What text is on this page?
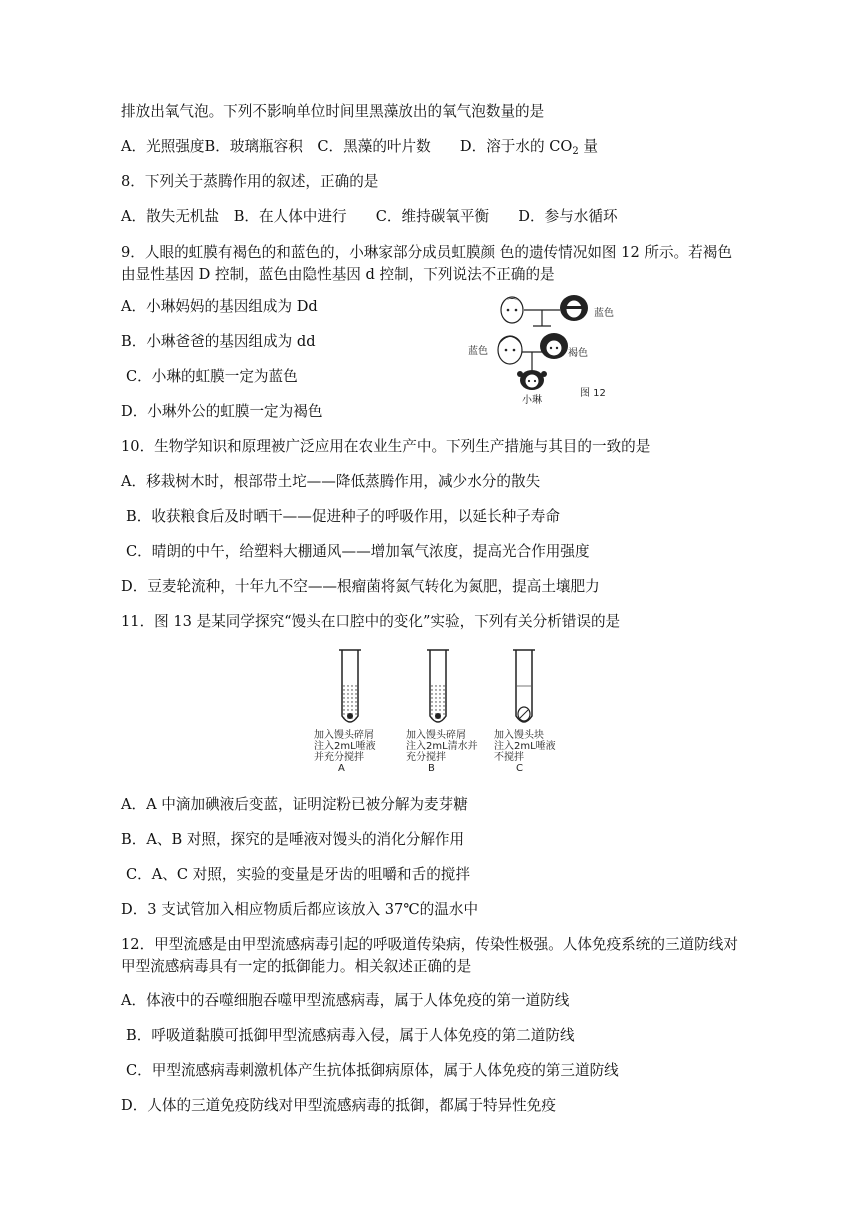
排放出氧气泡。下列不影响单位时间里黑藻放出的氧气泡数量的是
A．光照强度B．玻璃瓶容积　C．黑藻的叶片数　　D．溶于水的 $CO_2$ 量
8．下列关于蒸腾作用的叙述，正确的是
A．散失无机盐　B．在人体中进行　　C．维持碳氧平衡　　D．参与水循环
9．人眼的虹膜有褐色的和蓝色的，小琳家部分成员虹膜颜 色的遗传情况如图 12 所示。若褐色由显性基因 D 控制，蓝色由隐性基因 d 控制，下列说法不正确的是
A．小琳妈妈的基因组成为 Dd
B．小琳爸爸的基因组成为 dd
C．小琳的虹膜一定为蓝色
D．小琳外公的虹膜一定为褐色
蓝色
蓝色	褐色
小琳
图 12
10．生物学知识和原理被广泛应用在农业生产中。下列生产措施与其目的一致的是
A．移栽树木时，根部带土坨——降低蒸腾作用，减少水分的散失
B．收获粮食后及时晒干——促进种子的呼吸作用，以延长种子寿命
C．晴朗的中午，给塑料大棚通风——增加氧气浓度，提高光合作用强度
D．豆麦轮流种，十年九不空——根瘤菌将氮气转化为氮肥，提高土壤肥力
11．图 13 是某同学探究“馒头在口腔中的变化”实验，下列有关分析错误的是
加入馒头碎屑
注入2mL唾液
并充分搅拌
A
加入馒头碎屑
注入2mL清水并
充分搅拌
B
加入馒头块
注入2mL唾液
不搅拌
C
A．A 中滴加碘液后变蓝，证明淀粉已被分解为麦芽糖
B．A、B 对照，探究的是唾液对馒头的消化分解作用
C．A、C 对照，实验的变量是牙齿的咀嚼和舌的搅拌
D．3 支试管加入相应物质后都应该放入 37℃的温水中
12．甲型流感是由甲型流感病毒引起的呼吸道传染病，传染性极强。人体免疫系统的三道防线对甲型流感病毒具有一定的抵御能力。相关叙述正确的是
A．体液中的吞噬细胞吞噬甲型流感病毒，属于人体免疫的第一道防线
B．呼吸道黏膜可抵御甲型流感病毒入侵，属于人体免疫的第二道防线
C．甲型流感病毒刺激机体产生抗体抵御病原体，属于人体免疫的第三道防线
D．人体的三道免疫防线对甲型流感病毒的抵御，都属于特异性免疫
